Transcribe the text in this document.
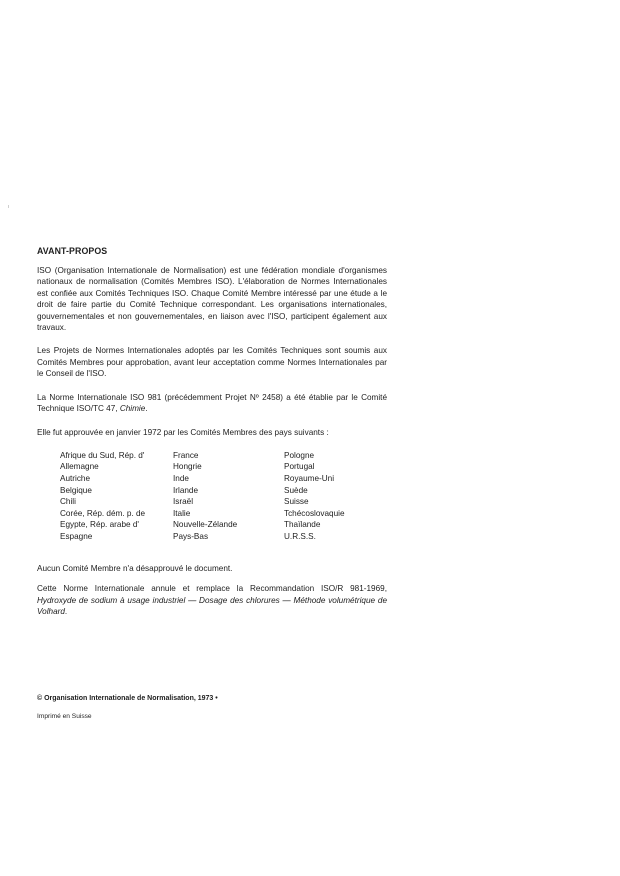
AVANT-PROPOS

ISO (Organisation Internationale de Normalisation) est une fédération mondiale d'organismes nationaux de normalisation (Comités Membres ISO). L'élaboration de Normes Internationales est confiée aux Comités Techniques ISO. Chaque Comité Membre intéressé par une étude a le droit de faire partie du Comité Technique correspondant. Les organisations internationales, gouvernementales et non gouvernementales, en liaison avec l'ISO, participent également aux travaux.

Les Projets de Normes Internationales adoptés par les Comités Techniques sont soumis aux Comités Membres pour approbation, avant leur acceptation comme Normes Internationales par le Conseil de l'ISO.

La Norme Internationale ISO 981 (précédemment Projet Nº 2458) a été établie par le Comité Technique ISO/TC 47, Chimie.

Elle fut approuvée en janvier 1972 par les Comités Membres des pays suivants :

Afrique du Sud, Rép. d'
Allemagne
Autriche
Belgique
Chili
Corée, Rép. dém. p. de
Egypte, Rép. arabe d'
Espagne
France
Hongrie
Inde
Irlande
Israël
Italie
Nouvelle-Zélande
Pays-Bas
Pologne
Portugal
Royaume-Uni
Suède
Suisse
Tchécoslovaquie
Thaïlande
U.R.S.S.

Aucun Comité Membre n'a désapprouvé le document.

Cette Norme Internationale annule et remplace la Recommandation ISO/R 981-1969, Hydroxyde de sodium à usage industriel — Dosage des chlorures — Méthode volumétrique de Volhard.

© Organisation Internationale de Normalisation, 1973 •
Imprimé en Suisse
